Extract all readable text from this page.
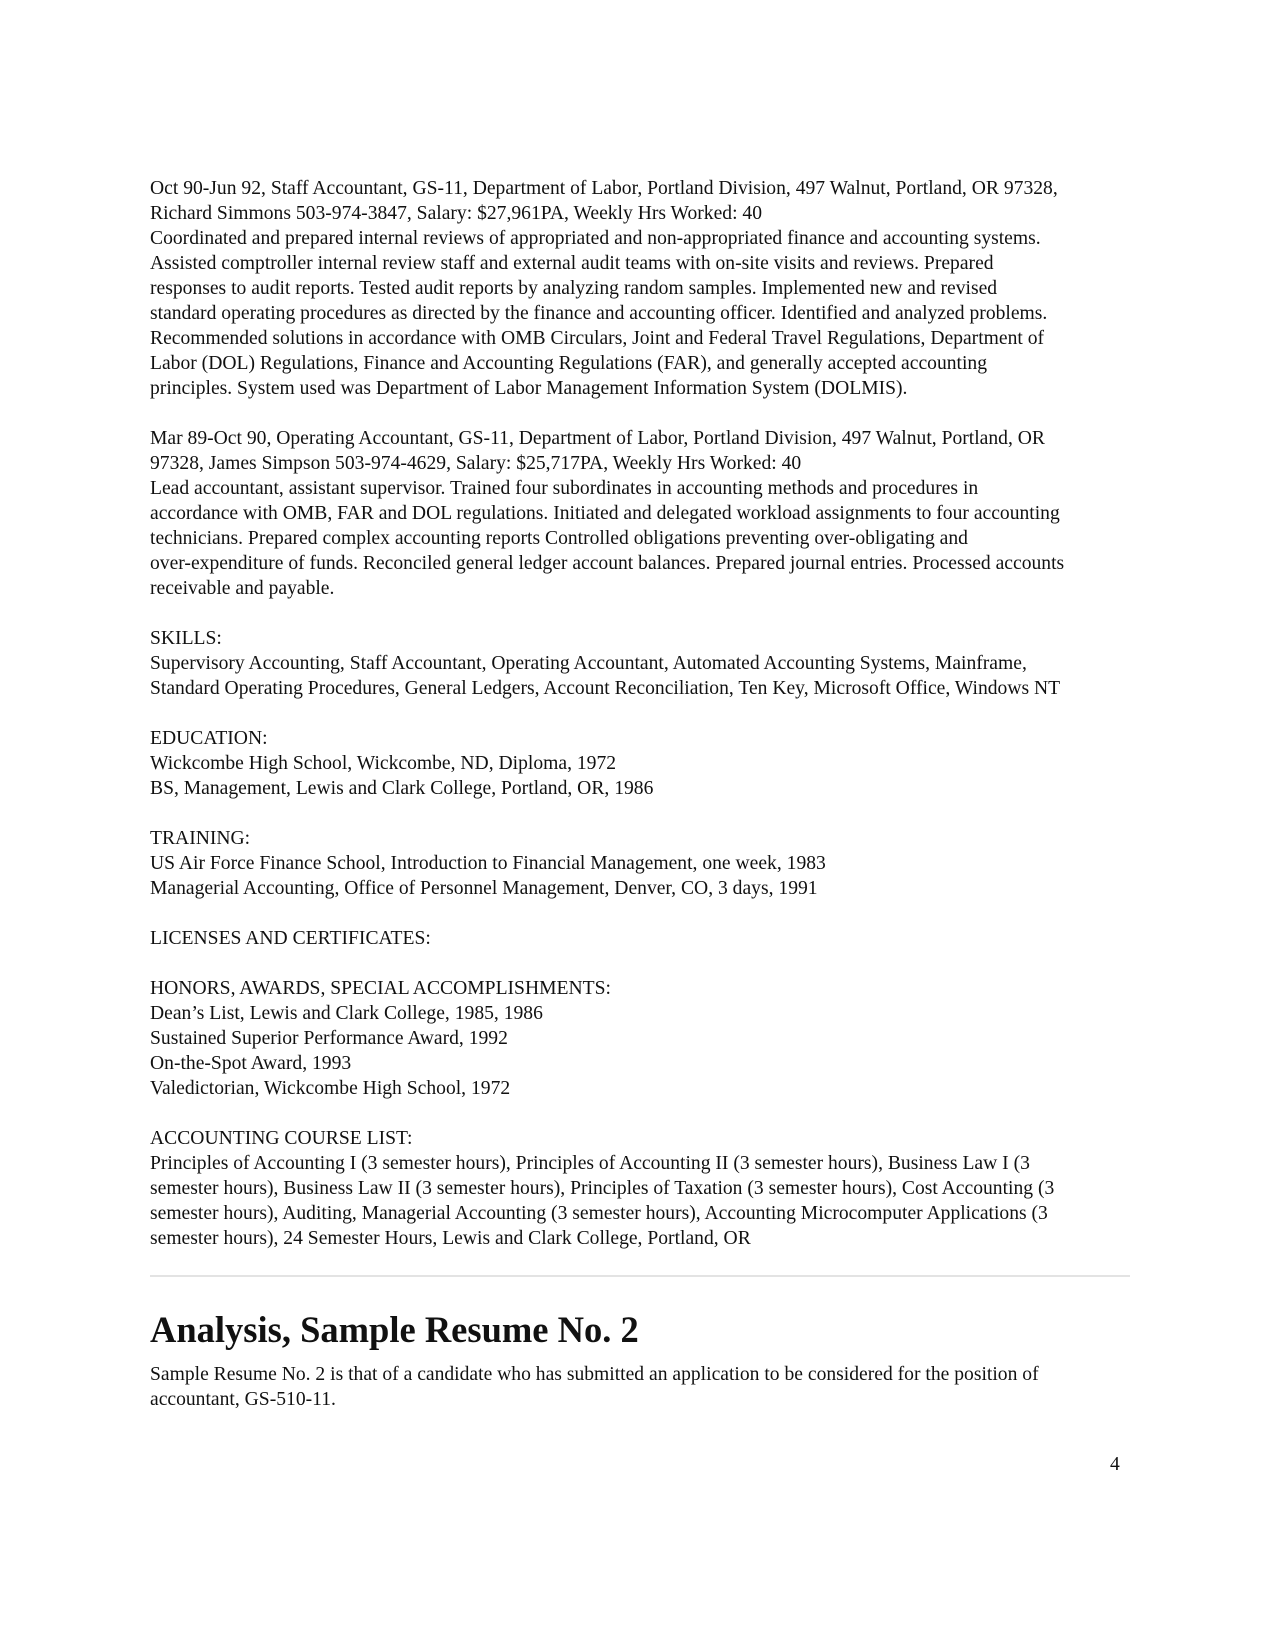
Oct 90-Jun 92, Staff Accountant, GS-11, Department of Labor, Portland Division, 497 Walnut, Portland, OR 97328,
Richard Simmons 503-974-3847, Salary: $27,961PA, Weekly Hrs Worked: 40
Coordinated and prepared internal reviews of appropriated and non-appropriated finance and accounting systems.
Assisted comptroller internal review staff and external audit teams with on-site visits and reviews. Prepared
responses to audit reports. Tested audit reports by analyzing random samples. Implemented new and revised
standard operating procedures as directed by the finance and accounting officer. Identified and analyzed problems.
Recommended solutions in accordance with OMB Circulars, Joint and Federal Travel Regulations, Department of
Labor (DOL) Regulations, Finance and Accounting Regulations (FAR), and generally accepted accounting
principles. System used was Department of Labor Management Information System (DOLMIS).
Mar 89-Oct 90, Operating Accountant, GS-11, Department of Labor, Portland Division, 497 Walnut, Portland, OR
97328, James Simpson 503-974-4629, Salary: $25,717PA, Weekly Hrs Worked: 40
Lead accountant, assistant supervisor. Trained four subordinates in accounting methods and procedures in
accordance with OMB, FAR and DOL regulations. Initiated and delegated workload assignments to four accounting
technicians. Prepared complex accounting reports Controlled obligations preventing over-obligating and
over-expenditure of funds. Reconciled general ledger account balances. Prepared journal entries. Processed accounts
receivable and payable.
SKILLS:
Supervisory Accounting, Staff Accountant, Operating Accountant, Automated Accounting Systems, Mainframe,
Standard Operating Procedures, General Ledgers, Account Reconciliation, Ten Key, Microsoft Office, Windows NT
EDUCATION:
Wickcombe High School, Wickcombe, ND, Diploma, 1972
BS, Management, Lewis and Clark College, Portland, OR, 1986
TRAINING:
US Air Force Finance School, Introduction to Financial Management, one week, 1983
Managerial Accounting, Office of Personnel Management, Denver, CO, 3 days, 1991
LICENSES AND CERTIFICATES:
HONORS, AWARDS, SPECIAL ACCOMPLISHMENTS:
Dean’s List, Lewis and Clark College, 1985, 1986
Sustained Superior Performance Award, 1992
On-the-Spot Award, 1993
Valedictorian, Wickcombe High School, 1972
ACCOUNTING COURSE LIST:
Principles of Accounting I (3 semester hours), Principles of Accounting II (3 semester hours), Business Law I (3
semester hours), Business Law II (3 semester hours), Principles of Taxation (3 semester hours), Cost Accounting (3
semester hours), Auditing, Managerial Accounting (3 semester hours), Accounting Microcomputer Applications (3
semester hours), 24 Semester Hours, Lewis and Clark College, Portland, OR
Analysis, Sample Resume No. 2
Sample Resume No. 2 is that of a candidate who has submitted an application to be considered for the position of
accountant, GS-510-11.
4
